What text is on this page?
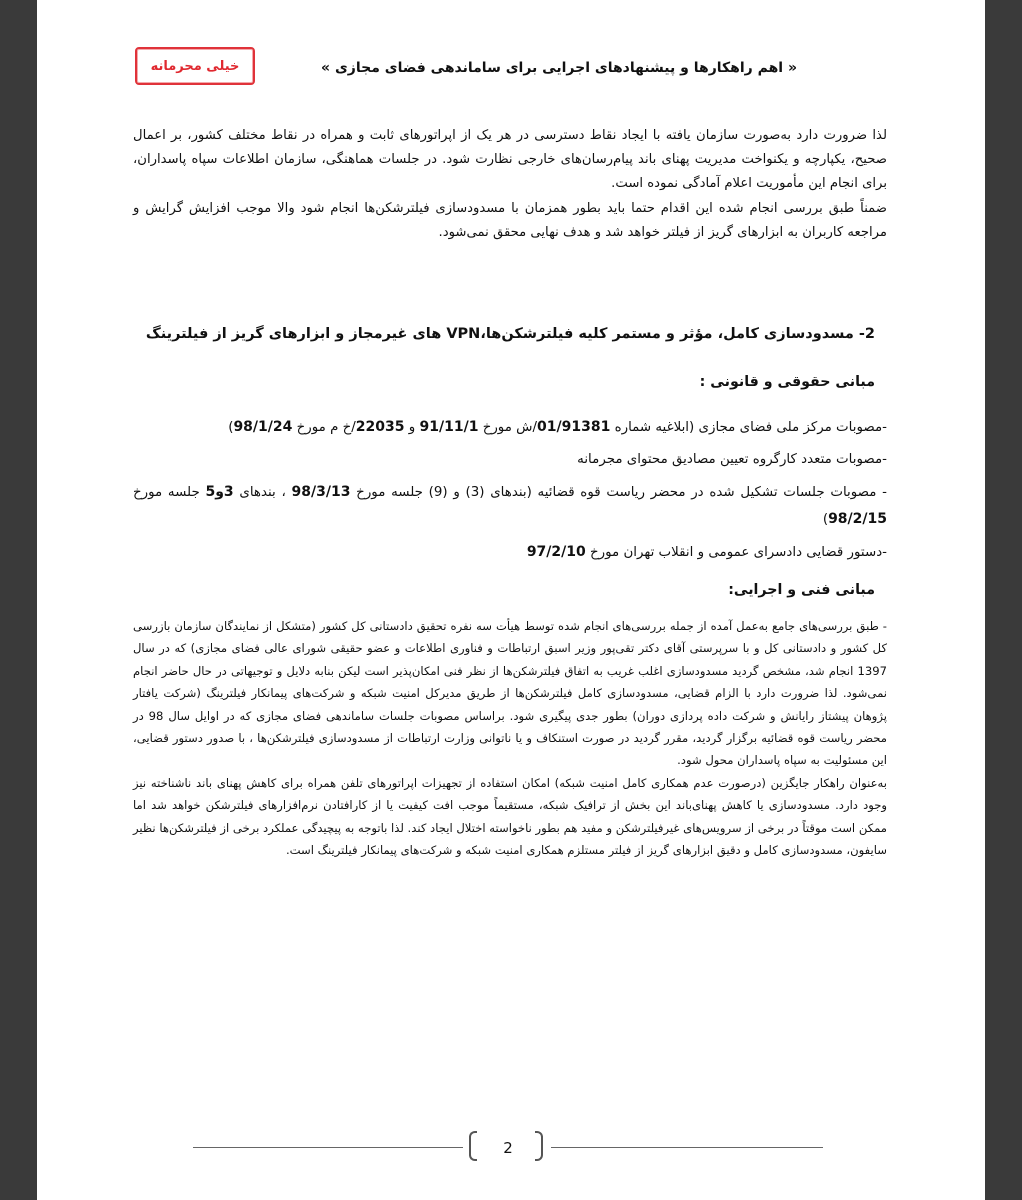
خیلی محرمانه	« اهم راهکارها و پیشنهادهای اجرایی برای ساماندهی فضای مجازی »

لذا ضرورت دارد به‌صورت سازمان یافته با ایجاد نقاط دسترسی در هر یک از اپراتورهای ثابت و همراه در نقاط مختلف کشور، بر اعمال صحیح، یکپارچه و یکنواخت مدیریت پهنای باند پیام‌رسان‌های خارجی نظارت شود. در جلسات هماهنگی، سازمان اطلاعات سپاه پاسداران، برای انجام این مأموریت اعلام آمادگی نموده است.

ضمناً طبق بررسی انجام شده این اقدام حتما باید بطور همزمان با مسدودسازی فیلترشکن‌ها انجام شود والا موجب افزایش گرایش و مراجعه کاربران به ابزارهای گریز از فیلتر خواهد شد و هدف نهایی محقق نمی‌شود.

2- مسدودسازی کامل، مؤثر و مستمر کلیه فیلترشکن‌ها،VPN های غیرمجاز و ابزارهای گریز از فیلترینگ
مبانی حقوقی و قانونی :

-مصوبات مرکز ملی فضای مجازی (ابلاغیه شماره 01/91381/ش مورخ 91/11/1 و 22035/خ م مورخ 98/1/24)

-مصوبات متعدد کارگروه تعیین مصادیق محتوای مجرمانه

- مصوبات جلسات تشکیل شده در محضر ریاست قوه قضائیه (بندهای (3) و (9) جلسه مورخ 98/3/13 ، بندهای 3و5 جلسه مورخ 98/2/15)

-دستور قضایی دادسرای عمومی و انقلاب تهران مورخ 97/2/10

مبانی فنی و اجرایی:

- طبق بررسی‌های جامع به‌عمل آمده از جمله بررسی‌های انجام شده توسط هیأت سه نفره تحقیق دادستانی کل کشور (متشکل از نمایندگان سازمان بازرسی کل کشور و دادستانی کل و با سرپرستی آقای دکتر تقی‌پور وزیر اسبق ارتباطات و فناوری اطلاعات و عضو حقیقی شورای عالی فضای مجازی) که در سال 1397 انجام شد، مشخص گردید مسدودسازی اغلب غریب به اتفاق فیلترشکن‌ها از نظر فنی امکان‌پذیر است لیکن بنابه دلایل و توجیهاتی در حال حاضر انجام نمی‌شود. لذا ضرورت دارد با الزام قضایی، مسدودسازی کامل فیلترشکن‌ها از طریق مدیرکل امنیت شبکه و شرکت‌های پیمانکار فیلترینگ (شرکت یافتار پژوهان پیشتاز رایانش و شرکت داده پردازی دوران) بطور جدی پیگیری شود. براساس مصوبات جلسات ساماندهی فضای مجازی که در اوایل سال 98 در محضر ریاست قوه قضائیه برگزار گردید، مقرر گردید در صورت استنکاف و یا ناتوانی وزارت ارتباطات از مسدودسازی فیلترشکن‌ها ، با صدور دستور قضایی، این مسئولیت به سپاه پاسداران محول شود.

به‌عنوان راهکار جایگزین (درصورت عدم همکاری کامل امنیت شبکه) امکان استفاده از تجهیزات اپراتورهای تلفن همراه برای کاهش پهنای باند ناشناخته نیز وجود دارد. مسدودسازی یا کاهش پهنای‌باند این بخش از ترافیک شبکه، مستقیماً موجب افت کیفیت یا از کارافتادن نرم‌افزارهای فیلترشکن خواهد شد اما ممکن است موقتاً در برخی از سرویس‌های غیرفیلترشکن و مفید هم بطور ناخواسته اختلال ایجاد کند. لذا باتوجه به پیچیدگی عملکرد برخی از فیلترشکن‌ها نظیر سایفون، مسدودسازی کامل و دقیق ابزارهای گریز از فیلتر مستلزم همکاری امنیت شبکه و شرکت‌های پیمانکار فیلترینگ است.

2
